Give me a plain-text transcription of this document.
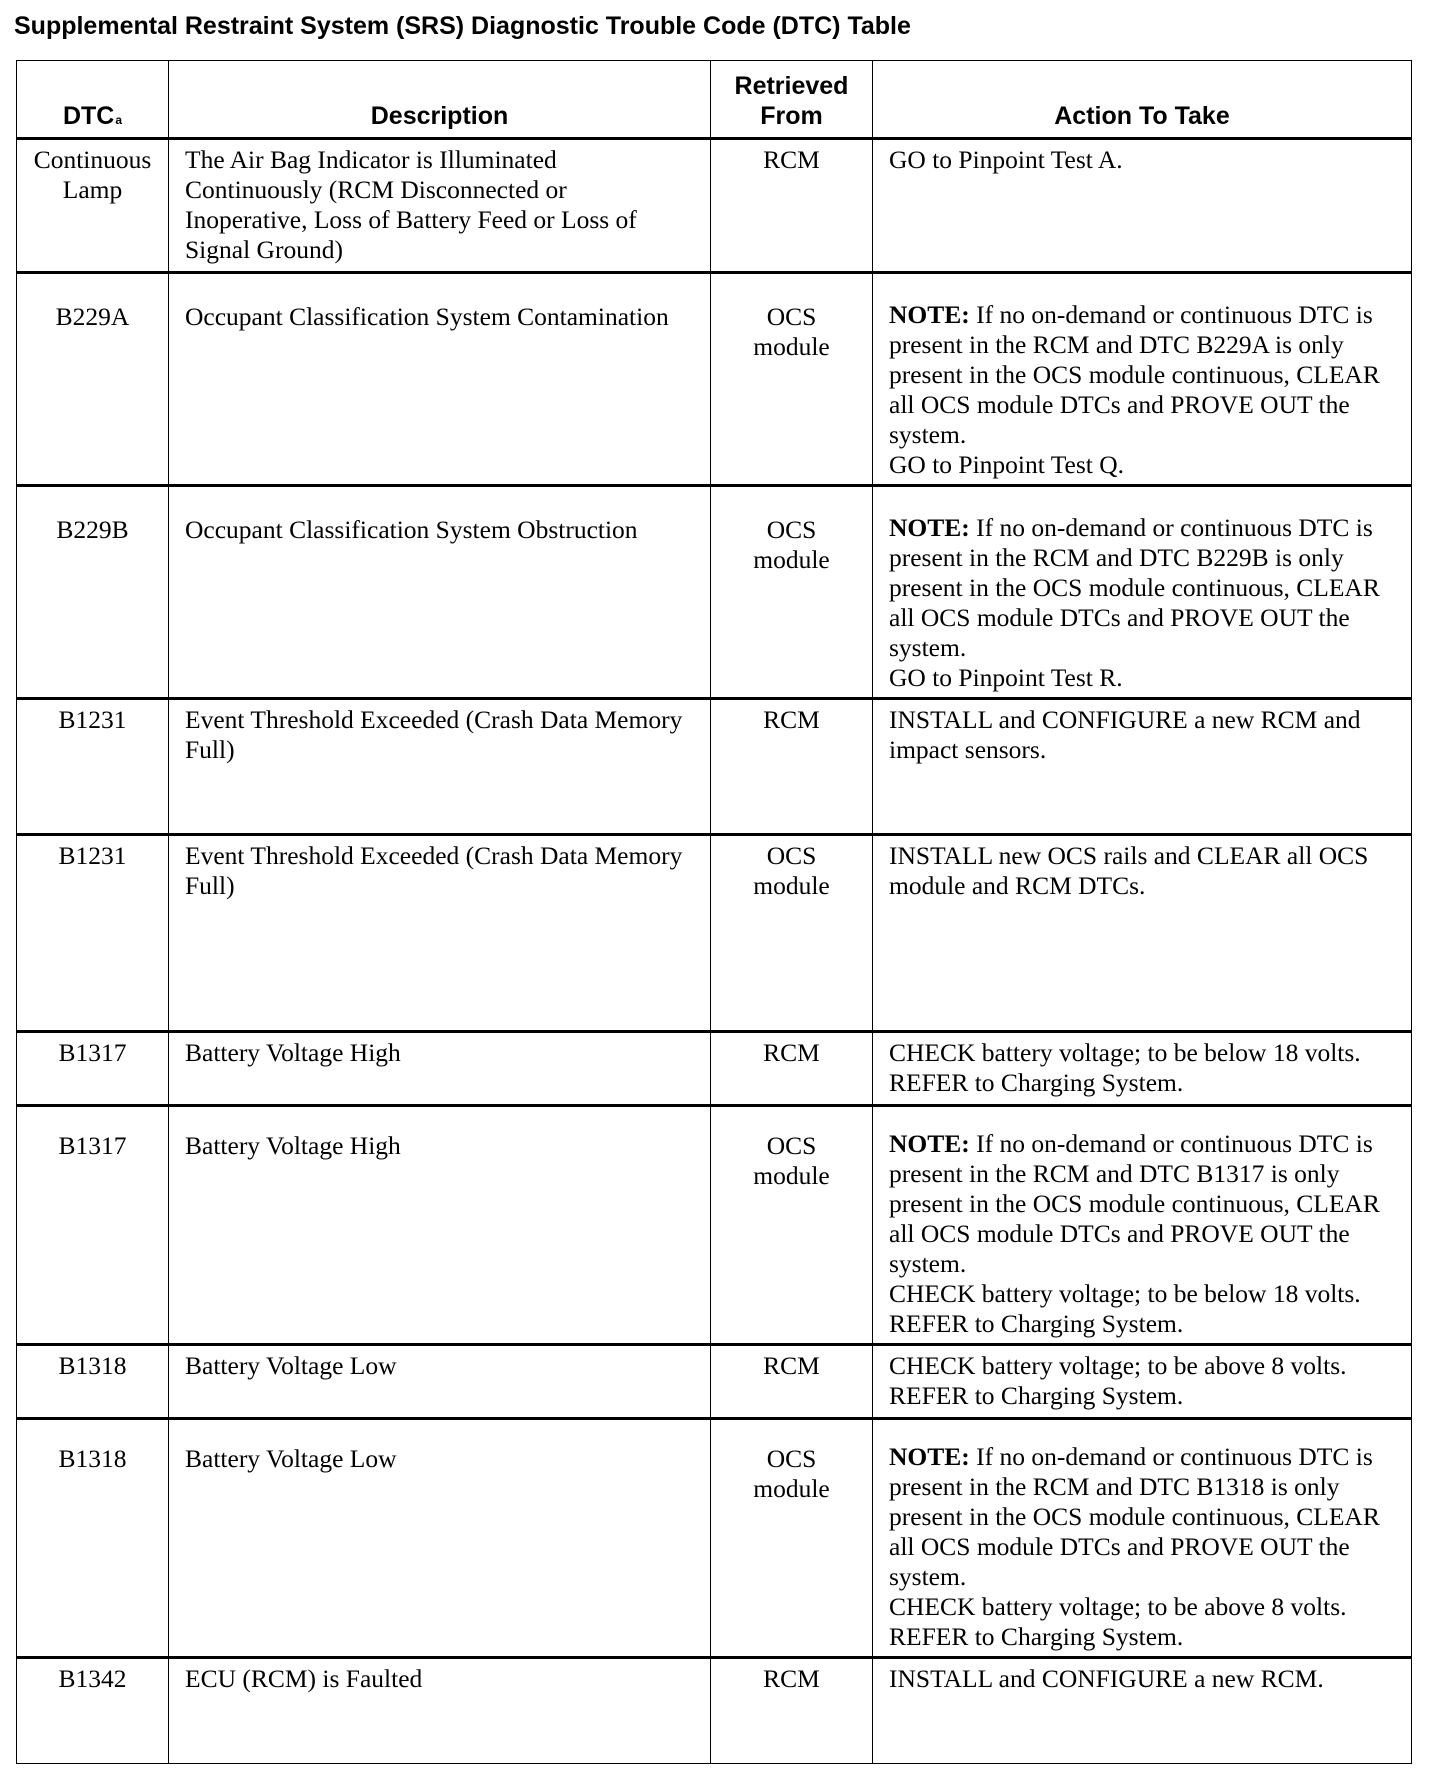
Supplemental Restraint System (SRS) Diagnostic Trouble Code (DTC) Table
DTC$^a$	Description	Retrieved From	Action To Take
Continuous Lamp	The Air Bag Indicator is Illuminated Continuously (RCM Disconnected or Inoperative, Loss of Battery Feed or Loss of Signal Ground)	RCM	GO to Pinpoint Test A.
B229A	Occupant Classification System Contamination	OCS module	NOTE: If no on-demand or continuous DTC is present in the RCM and DTC B229A is only present in the OCS module continuous, CLEAR all OCS module DTCs and PROVE OUT the system.
GO to Pinpoint Test Q.
B229B	Occupant Classification System Obstruction	OCS module	NOTE: If no on-demand or continuous DTC is present in the RCM and DTC B229B is only present in the OCS module continuous, CLEAR all OCS module DTCs and PROVE OUT the system.
GO to Pinpoint Test R.
B1231	Event Threshold Exceeded (Crash Data Memory Full)	RCM	INSTALL and CONFIGURE a new RCM and impact sensors.
B1231	Event Threshold Exceeded (Crash Data Memory Full)	OCS module	INSTALL new OCS rails and CLEAR all OCS module and RCM DTCs.
B1317	Battery Voltage High	RCM	CHECK battery voltage; to be below 18 volts. REFER to Charging System.
B1317	Battery Voltage High	OCS module	NOTE: If no on-demand or continuous DTC is present in the RCM and DTC B1317 is only present in the OCS module continuous, CLEAR all OCS module DTCs and PROVE OUT the system.
CHECK battery voltage; to be below 18 volts. REFER to Charging System.
B1318	Battery Voltage Low	RCM	CHECK battery voltage; to be above 8 volts. REFER to Charging System.
B1318	Battery Voltage Low	OCS module	NOTE: If no on-demand or continuous DTC is present in the RCM and DTC B1318 is only present in the OCS module continuous, CLEAR all OCS module DTCs and PROVE OUT the system.
CHECK battery voltage; to be above 8 volts. REFER to Charging System.
B1342	ECU (RCM) is Faulted	RCM	INSTALL and CONFIGURE a new RCM.
